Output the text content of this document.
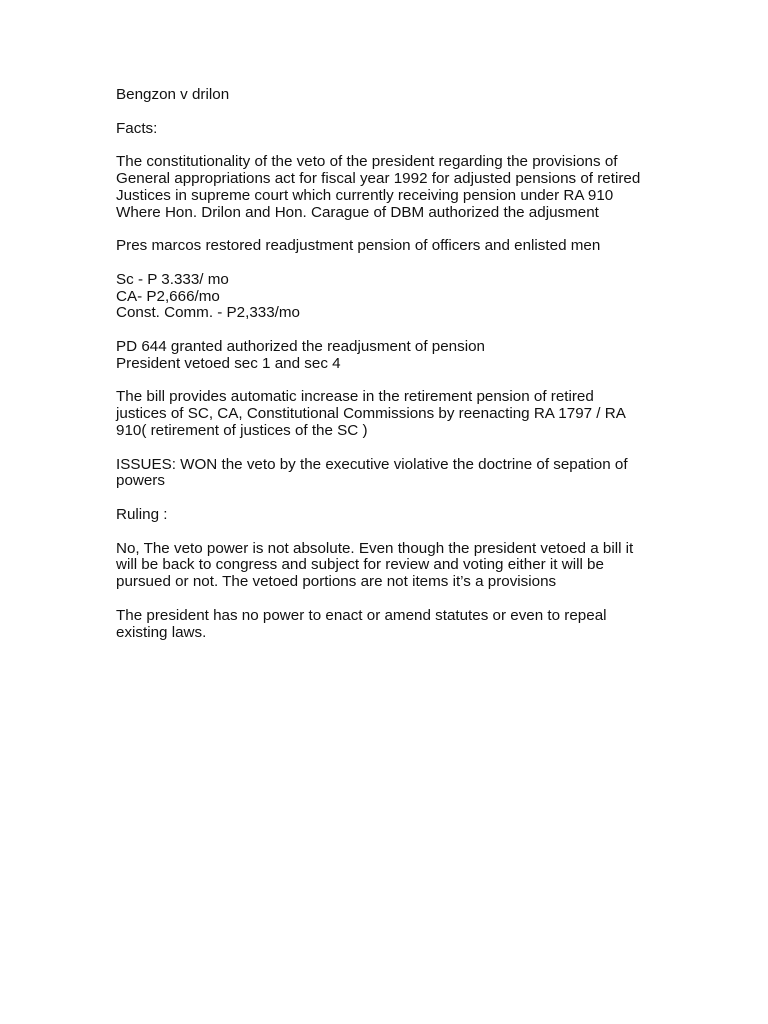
Bengzon v drilon

Facts:

The constitutionality of the veto of the president regarding the provisions of
General appropriations act for fiscal year 1992 for adjusted pensions of retired
Justices in supreme court which currently receiving pension under RA 910
Where Hon. Drilon and Hon. Carague of DBM authorized the adjusment

Pres marcos restored readjustment pension of officers and enlisted men

Sc - P 3.333/ mo
CA- P2,666/mo
Const. Comm. - P2,333/mo

PD 644 granted authorized the readjusment of pension
President vetoed sec 1 and sec 4

The bill provides automatic increase in the retirement pension of retired
justices of SC, CA, Constitutional Commissions by reenacting RA 1797 / RA
910( retirement of justices of the SC )

ISSUES: WON the veto by the executive violative the doctrine of sepation of
powers

Ruling :

No, The veto power is not absolute. Even though the president vetoed a bill it
will be back to congress and subject for review and voting either it will be
pursued or not. The vetoed portions are not items it’s a provisions

The president has no power to enact or amend statutes or even to repeal
existing laws.
